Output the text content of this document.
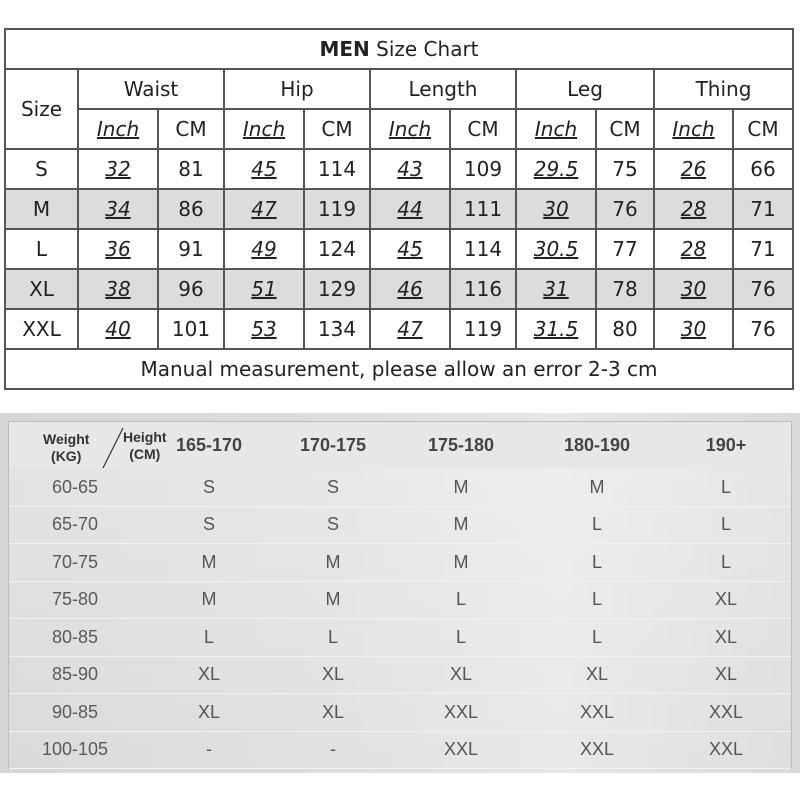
MEN Size Chart										
Size	Waist		Hip		Length		Leg		Thing	
	Inch	CM	Inch	CM	Inch	CM	Inch	CM	Inch	CM
S	32	81	45	114	43	109	29.5	75	26	66
M	34	86	47	119	44	111	30	76	28	71
L	36	91	49	124	45	114	30.5	77	28	71
XL	38	96	51	129	46	116	31	78	30	76
XXL	40	101	53	134	47	119	31.5	80	30	76
Manual measurement, please allow an error 2-3 cm										
Weight
(KG)
Height
(CM)	165-170	170-175	175-180	180-190	190+
60-65	S	S	M	M	L
65-70	S	S	M	L	L
70-75	M	M	M	L	L
75-80	M	M	L	L	XL
80-85	L	L	L	L	XL
85-90	XL	XL	XL	XL	XL
90-85	XL	XL	XXL	XXL	XXL
100-105	-	-	XXL	XXL	XXL
